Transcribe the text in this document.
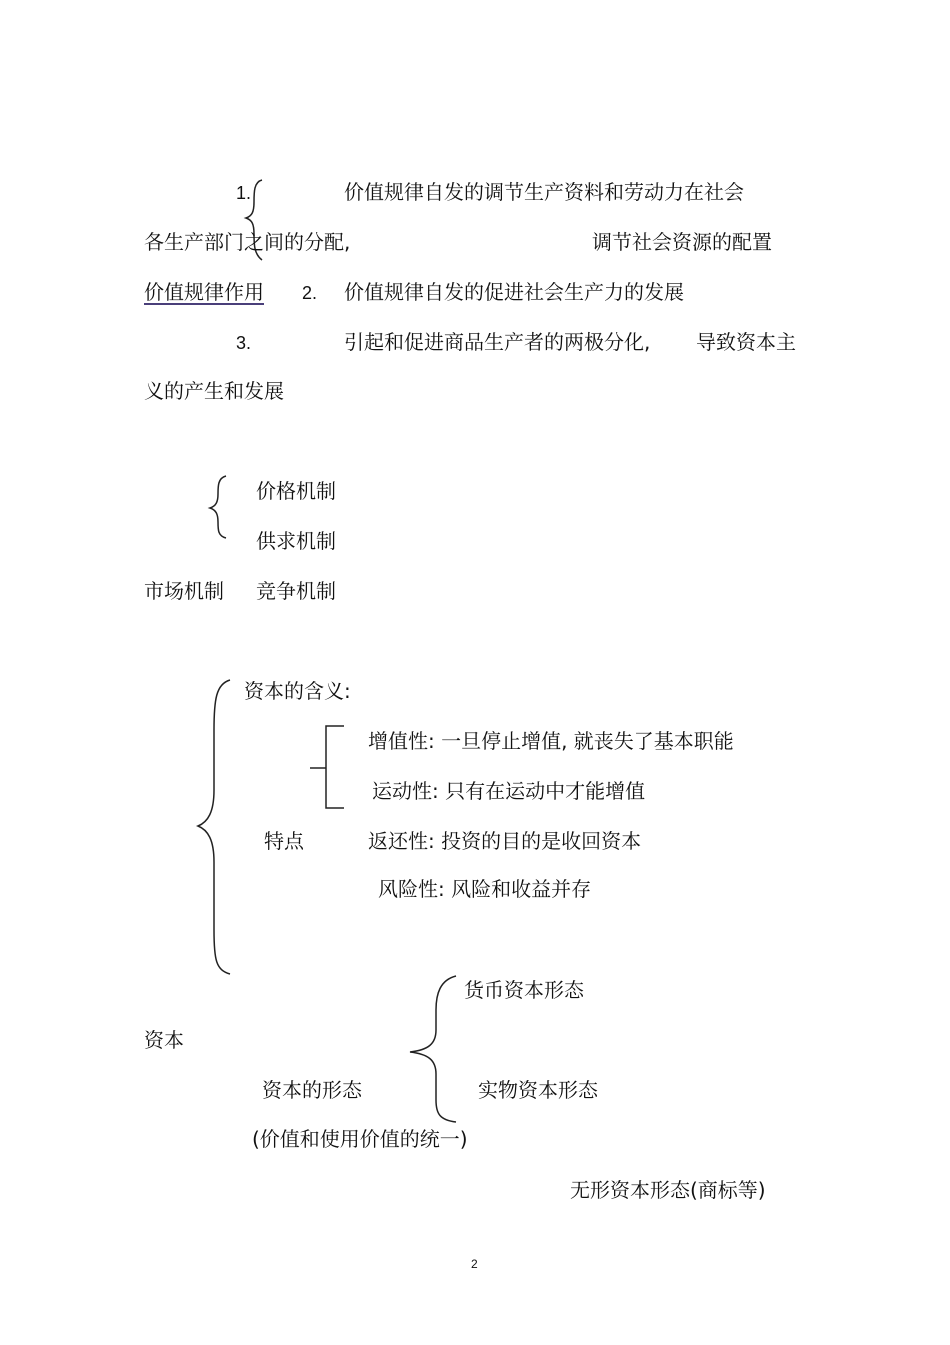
1.	价值规律自发的调节生产资料和劳动力在社会
各生产部门之间的分配,	调节社会资源的配置
价值规律作用 2. 价值规律自发的促进社会生产力的发展
3.	引起和促进商品生产者的两极分化, 导致资本主
义的产生和发展
价格机制
供求机制
市场机制 竞争机制
资本的含义:
增值性: 一旦停止增值, 就丧失了基本职能
运动性: 只有在运动中才能增值
特点	返还性: 投资的目的是收回资本
风险性: 风险和收益并存
货币资本形态
资本
资本的形态	实物资本形态
(价值和使用价值的统一)
无形资本形态(商标等)
2
